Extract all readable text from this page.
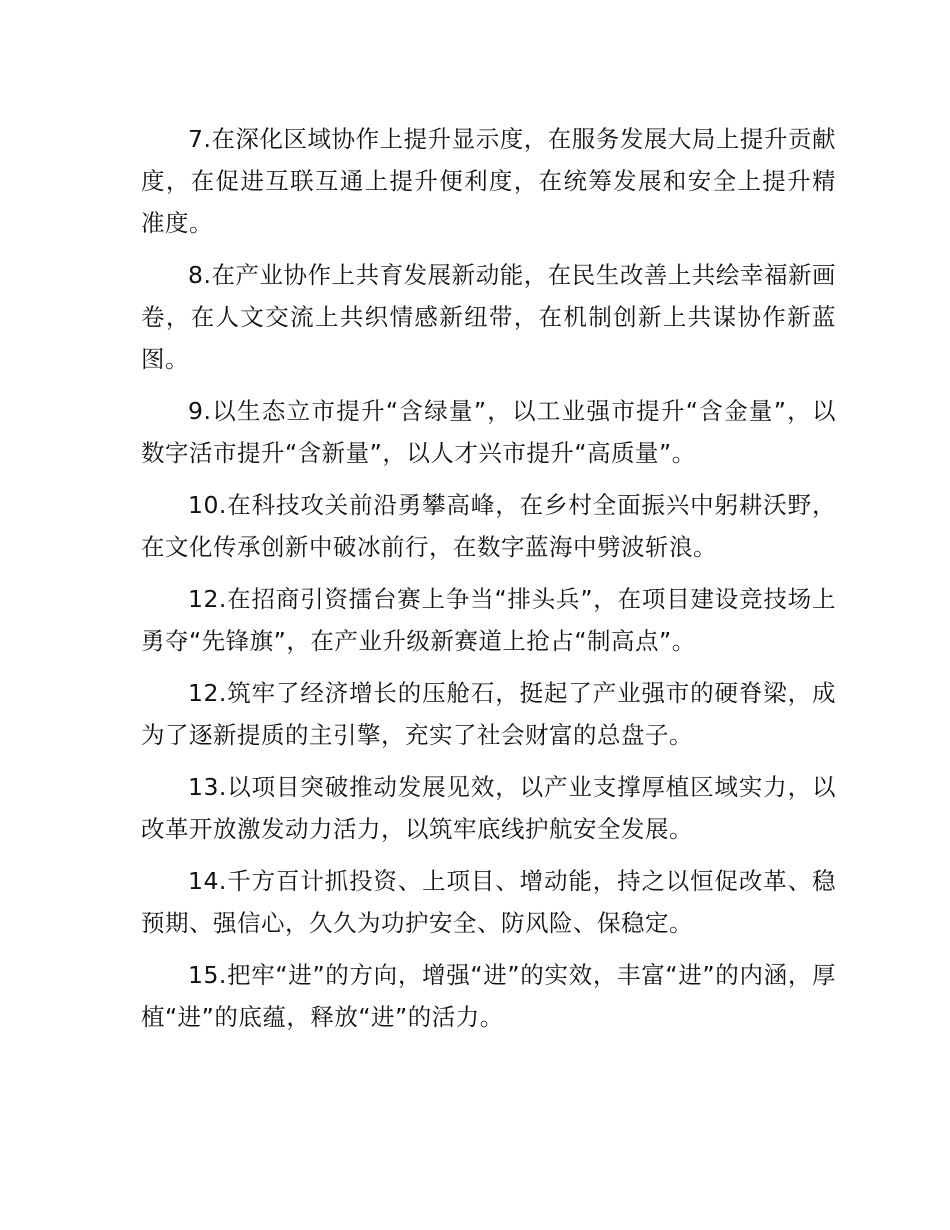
7.在深化区域协作上提升显示度，在服务发展大局上提升贡献度，在促进互联互通上提升便利度，在统筹发展和安全上提升精准度。

8.在产业协作上共育发展新动能，在民生改善上共绘幸福新画卷，在人文交流上共织情感新纽带，在机制创新上共谋协作新蓝图。

9.以生态立市提升“含绿量”，以工业强市提升“含金量”，以数字活市提升“含新量”，以人才兴市提升“高质量”。

10.在科技攻关前沿勇攀高峰，在乡村全面振兴中躬耕沃野，在文化传承创新中破冰前行，在数字蓝海中劈波斩浪。

12.在招商引资擂台赛上争当“排头兵”，在项目建设竞技场上勇夺“先锋旗”，在产业升级新赛道上抢占“制高点”。

12.筑牢了经济增长的压舱石，挺起了产业强市的硬脊梁，成为了逐新提质的主引擎，充实了社会财富的总盘子。

13.以项目突破推动发展见效，以产业支撑厚植区域实力，以改革开放激发动力活力，以筑牢底线护航安全发展。

14.千方百计抓投资、上项目、增动能，持之以恒促改革、稳预期、强信心，久久为功护安全、防风险、保稳定。

15.把牢“进”的方向，增强“进”的实效，丰富“进”的内涵，厚植“进”的底蕴，释放“进”的活力。
